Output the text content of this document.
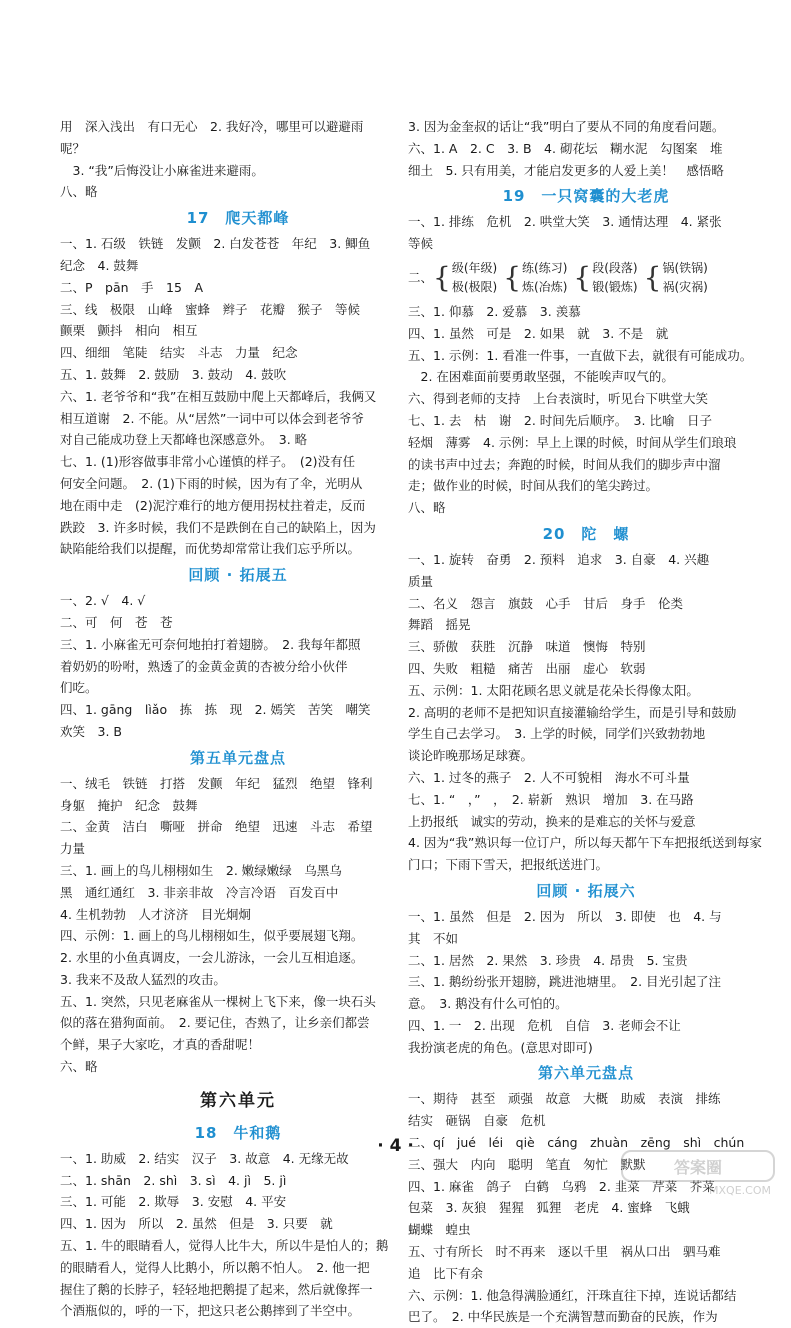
用　深入浅出　有口无心　2. 我好冷，哪里可以避避雨
呢？
　3. “我”后悔没让小麻雀进来避雨。
八、略
17　爬天都峰
一、1. 石级　铁链　发颤　2. 白发苍苍　年纪　3. 鲫鱼
纪念　4. 鼓舞
二、P　pān　手　15　A
三、线　极限　山峰　蜜蜂　辫子　花瓣　猴子　等候
颤栗　颤抖　相向　相互
四、细细　笔陡　结实　斗志　力量　纪念
五、1. 鼓舞　2. 鼓励　3. 鼓动　4. 鼓吹
六、1. 老爷爷和“我”在相互鼓励中爬上天都峰后，我俩又
相互道谢　2. 不能。从“居然”一词中可以体会到老爷爷
对自己能成功登上天都峰也深感意外。　3. 略
七、1. (1)形容做事非常小心谨慎的样子。　(2)没有任
何安全问题。　2. (1)下雨的时候，因为有了伞，光明从
地在雨中走　(2)泥泞难行的地方便用拐杖拄着走，反而
跌跤　3. 许多时候，我们不是跌倒在自己的缺陷上，因为
缺陷能给我们以提醒，而优势却常常让我们忘乎所以。
回顾 · 拓展五
一、2. √　4. √
二、可　何　苍　苍
三、1. 小麻雀无可奈何地拍打着翅膀。　2. 我每年都照
着奶奶的吩咐，熟透了的金黄金黄的杏被分给小伙伴
们吃。
四、1. gāng　lìǎo　拣　拣　现　2. 嫣笑　苦笑　嘲笑
欢笑　3. B
第五单元盘点
一、绒毛　铁链　打搭　发颤　年纪　猛烈　绝望　锋利
身躯　掩护　纪念　鼓舞
二、金黄　洁白　嘶哑　拼命　绝望　迅速　斗志　希望
力量
三、1. 画上的鸟儿栩栩如生　2. 嫩绿嫩绿　乌黑乌
黑　通红通红　3. 非亲非故　冷言冷语　百发百中
4. 生机勃勃　人才济济　目光炯炯
四、示例：1. 画上的鸟儿栩栩如生，似乎要展翅飞翔。
2. 水里的小鱼真调皮，一会儿游泳，一会儿互相追逐。
3. 我来不及敌人猛烈的攻击。
五、1. 突然，只见老麻雀从一棵树上飞下来，像一块石头
似的落在猎狗面前。　2. 要记住，杏熟了，让乡亲们都尝
个鲜，果子大家吃，才真的香甜呢！
六、略
第六单元
18　牛和鹅
一、1. 助威　2. 结实　汉子　3. 故意　4. 无缘无故
二、1. shān　2. shì　3. sì　4. jì　5. jì
三、1. 可能　2. 欺辱　3. 安慰　4. 平安
四、1. 因为　所以　2. 虽然　但是　3. 只要　就
五、1. 牛的眼睛看人，觉得人比牛大，所以牛是怕人的；鹅
的眼睛看人，觉得人比鹅小，所以鹅不怕人。　2. 他一把
握住了鹅的长脖子，轻轻地把鹅提了起来，然后就像挥一
个酒瓶似的，呼的一下，把这只老公鹅摔到了半空中。
3. 因为金奎叔的话让“我”明白了要从不同的角度看问题。
六、1. A　2. C　3. B　4. 砌花坛　糊水泥　勾图案　堆
细土　5. 只有用美，才能启发更多的人爱上美！　感悟略
19　一只窝囊的大老虎
一、1. 排练　危机　2. 哄堂大笑　3. 通情达理　4. 紧张
等候
二、 { 级(年级)
极(极限) { 练(练习)
炼(冶炼) { 段(段落)
锻(锻炼) { 锅(铁锅)
祸(灾祸)
三、1. 仰慕　2. 爱慕　3. 羡慕
四、1. 虽然　可是　2. 如果　就　3. 不是　就
五、1. 示例：1. 看准一件事，一直做下去，就很有可能成功。
　2. 在困难面前要勇敢坚强，不能唉声叹气的。
六、得到老师的支持　上台表演时，听见台下哄堂大笑
七、1. 去　枯　谢　2. 时间先后顺序。　3. 比喻　日子
轻烟　薄雾　4. 示例：早上上课的时候，时间从学生们琅琅
的读书声中过去；奔跑的时候，时间从我们的脚步声中溜
走；做作业的时候，时间从我们的笔尖跨过。
八、略
20　陀　螺
一、1. 旋转　奋勇　2. 预料　追求　3. 自豪　4. 兴趣
质量
二、名义　怨言　旗鼓　心手　甘后　身手　伦类
舞蹈　摇晃
三、骄傲　获胜　沉静　味道　懊悔　特别
四、失败　粗糙　痛苦　出丽　虚心　软弱
五、示例：1. 太阳花顾名思义就是花朵长得像太阳。
2. 高明的老师不是把知识直接灌输给学生，而是引导和鼓励
学生自己去学习。　3. 上学的时候，同学们兴致勃勃地
谈论昨晚那场足球赛。
六、1. 过冬的燕子　2. 人不可貌相　海水不可斗量
七、1. “　，”　，　2. 崭新　熟识　增加　3. 在马路
上扔报纸　诚实的劳动，换来的是难忘的关怀与爱意
4. 因为“我”熟识每一位订户，所以每天都午下车把报纸送到每家
门口；下雨下雪天，把报纸送进门。
回顾 · 拓展六
一、1. 虽然　但是　2. 因为　所以　3. 即使　也　4. 与
其　不如
二、1. 居然　2. 果然　3. 珍贵　4. 昂贵　5. 宝贵
三、1. 鹅纷纷张开翅膀，跳进池塘里。　2. 目光引起了注
意。　3. 鹅没有什么可怕的。
四、1. 一　2. 出现　危机　自信　3. 老师会不让
我扮演老虎的角色。(意思对即可)
第六单元盘点
一、期待　甚至　顽强　故意　大概　助威　表演　排练
结实　砸锅　自豪　危机
二、qí　jué　léi　qiè　cáng　zhuàn　zēng　shì　chún
三、强大　内向　聪明　笔直　匆忙　默默
四、1. 麻雀　鸽子　白鹤　乌鸦　2. 韭菜　芹菜　芥菜
包菜　3. 灰狼　猩猩　狐狸　老虎　4. 蜜蜂　飞蛾
蝴蝶　蝗虫
五、寸有所长　时不再来　逐以千里　祸从口出　驷马难
追　比下有余
六、示例：1. 他急得满脸通红，汗珠直往下掉，连说话都结
巴了。　2. 中华民族是一个充满智慧而勤奋的民族，作为
· 4 ·
答案圈
MXQE.COM
